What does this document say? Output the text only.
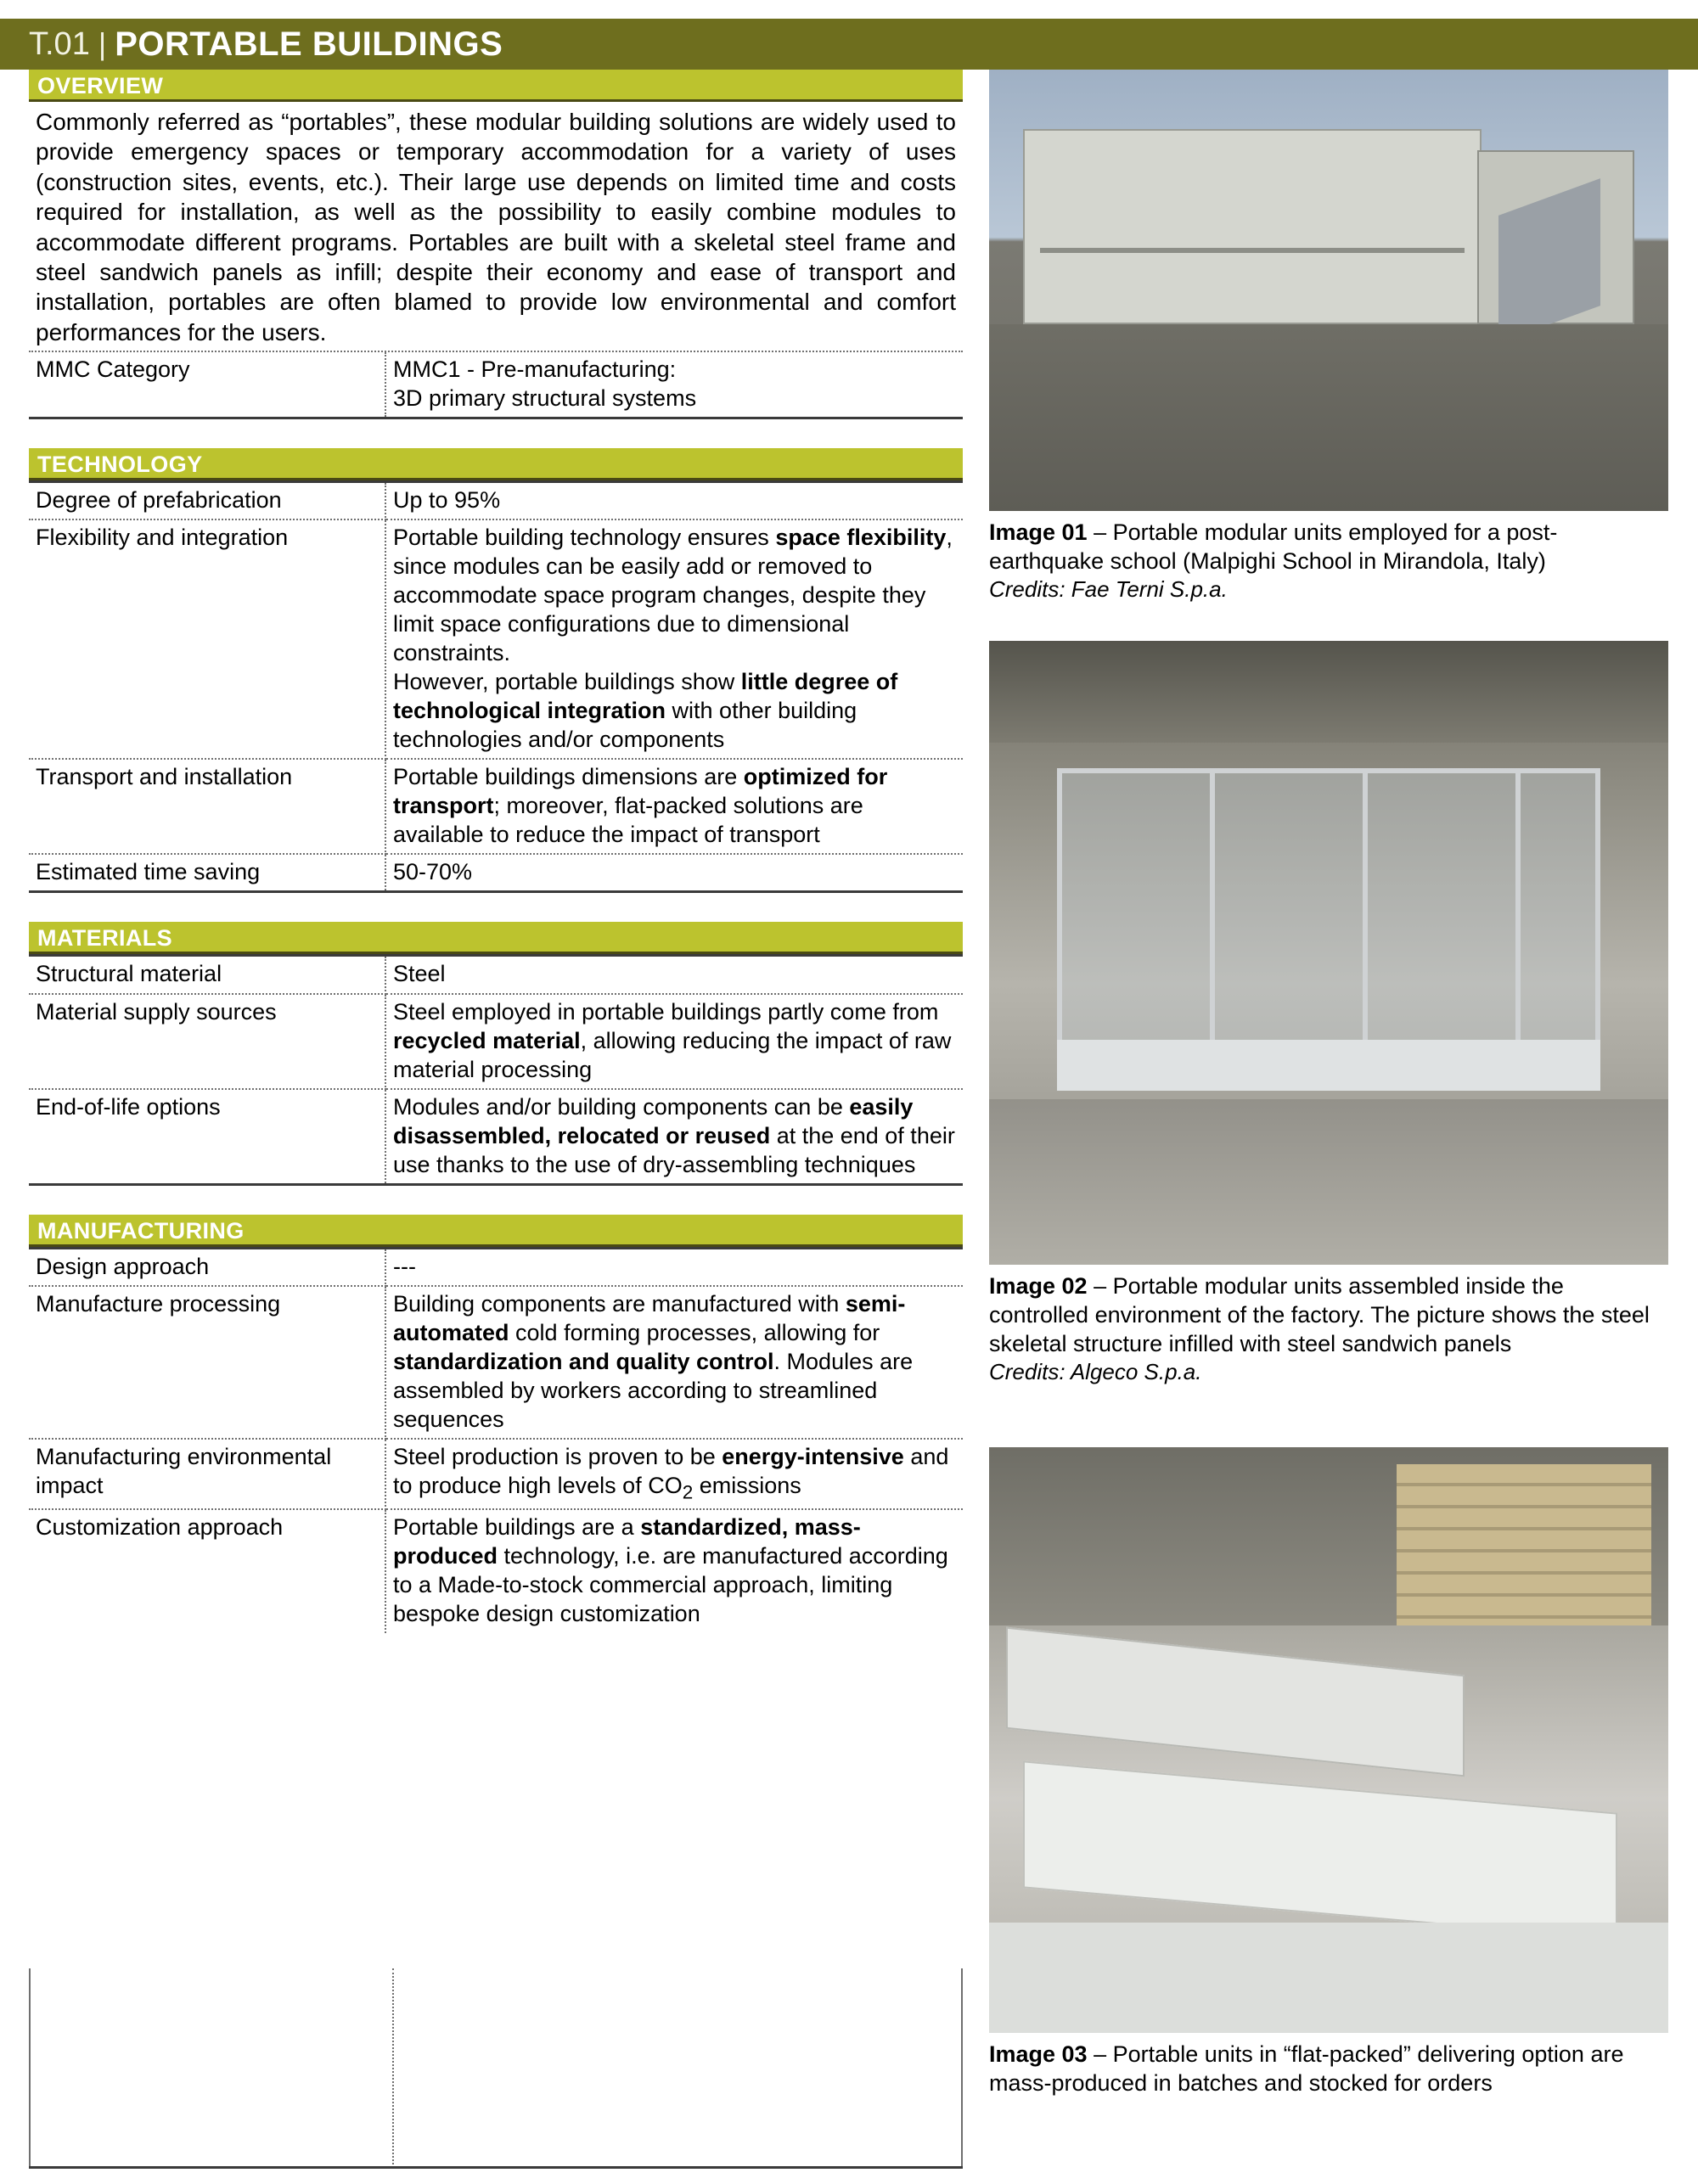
T.01 | PORTABLE BUILDINGS
OVERVIEW
Commonly referred as “portables”, these modular building solutions are widely used to provide emergency spaces or temporary accommodation for a variety of uses (construction sites, events, etc.). Their large use depends on limited time and costs required for installation, as well as the possibility to easily combine modules to accommodate different programs. Portables are built with a skeletal steel frame and steel sandwich panels as infill; despite their economy and ease of transport and installation, portables are often blamed to provide low environmental and comfort performances for the users.
MMC Category	MMC1 - Pre-manufacturing:
3D primary structural systems
TECHNOLOGY
Degree of prefabrication	Up to 95%
Flexibility and integration	Portable building technology ensures space flexibility, since modules can be easily add or removed to accommodate space program changes, despite they limit space configurations due to dimensional constraints.
However, portable buildings show little degree of technological integration with other building technologies and/or components
Transport and installation	Portable buildings dimensions are optimized for transport; moreover, flat-packed solutions are available to reduce the impact of transport
Estimated time saving	50-70%
MATERIALS
Structural material	Steel
Material supply sources	Steel employed in portable buildings partly come from recycled material, allowing reducing the impact of raw material processing
End-of-life options	Modules and/or building components can be easily disassembled, relocated or reused at the end of their use thanks to the use of dry-assembling techniques
MANUFACTURING
Design approach	---
Manufacture processing	Building components are manufactured with semi-automated cold forming processes, allowing for standardization and quality control. Modules are assembled by workers according to streamlined sequences
Manufacturing environmental impact	Steel production is proven to be energy-intensive and to produce high levels of $CO_2$ emissions
Customization approach	Portable buildings are a standardized, mass-produced technology, i.e. are manufactured according to a Made-to-stock commercial approach, limiting bespoke design customization
Image 01 – Portable modular units employed for a post-earthquake school (Malpighi School in Mirandola, Italy)
Credits: Fae Terni S.p.a.
Image 02 – Portable modular units assembled inside the controlled environment of the factory. The picture shows the steel skeletal structure infilled with steel sandwich panels
Credits: Algeco S.p.a.
Image 03 – Portable units in “flat-packed” delivering option are mass-produced in batches and stocked for orders
